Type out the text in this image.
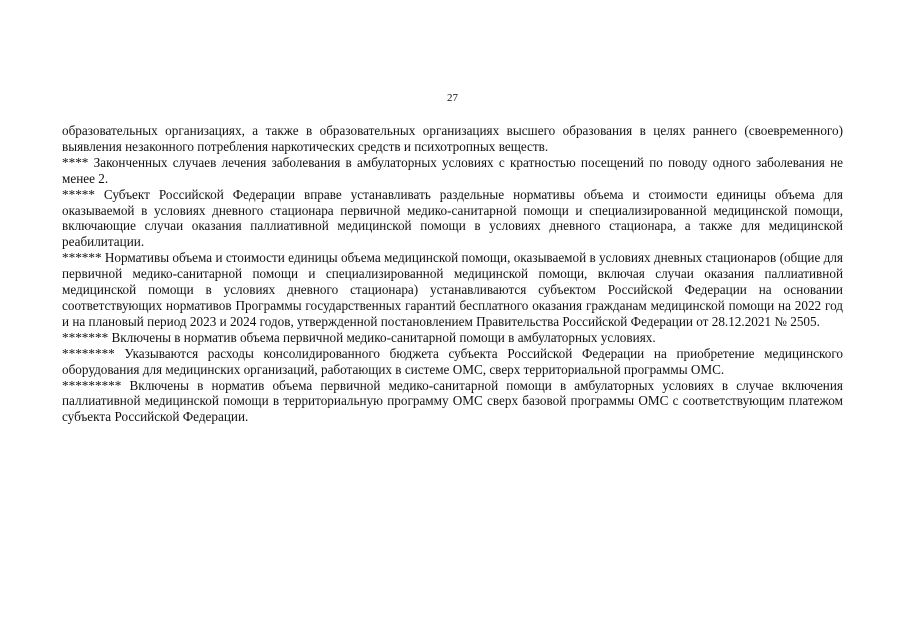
27

образовательных организациях, а также в образовательных организациях высшего образования в целях раннего (своевременного) выявления незаконного потребления наркотических средств и психотропных веществ.

**** Законченных случаев лечения заболевания в амбулаторных условиях с кратностью посещений по поводу одного заболевания не менее 2.

***** Субъект Российской Федерации вправе устанавливать раздельные нормативы объема и стоимости единицы объема для оказываемой в условиях дневного стационара первичной медико-санитарной помощи и специализированной медицинской помощи, включающие случаи оказания паллиативной медицинской помощи в условиях дневного стационара, а также для медицинской реабилитации.

****** Нормативы объема и стоимости единицы объема медицинской помощи, оказываемой в условиях дневных стационаров (общие для первичной медико-санитарной помощи и специализированной медицинской помощи, включая случаи оказания паллиативной медицинской помощи в условиях дневного стационара) устанавливаются субъектом Российской Федерации на основании соответствующих нормативов Программы государственных гарантий бесплатного оказания гражданам медицинской помощи на 2022 год и на плановый период 2023 и 2024 годов, утвержденной постановлением Правительства Российской Федерации от 28.12.2021 № 2505.

******* Включены в норматив объема первичной медико-санитарной помощи в амбулаторных условиях.

******** Указываются расходы консолидированного бюджета субъекта Российской Федерации на приобретение медицинского оборудования для медицинских организаций, работающих в системе ОМС, сверх территориальной программы ОМС.

********* Включены в норматив объема первичной медико-санитарной помощи в амбулаторных условиях в случае включения паллиативной медицинской помощи в территориальную программу ОМС сверх базовой программы ОМС с соответствующим платежом субъекта Российской Федерации.
